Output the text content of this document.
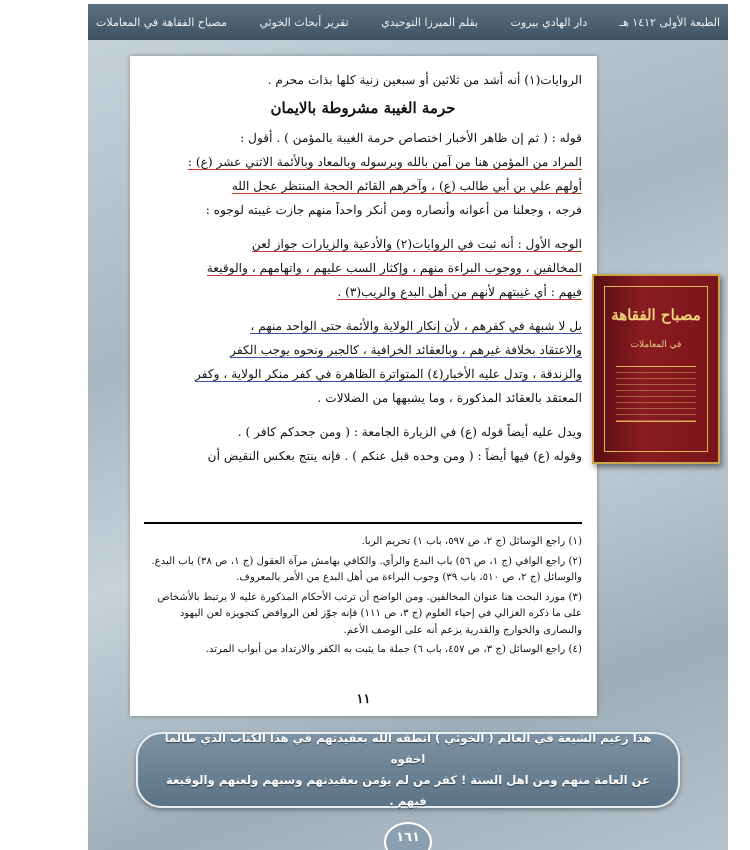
مصباح الفقاهة في المعاملات	تقرير أبحاث الخوئي	بقلم الميرزا التوحيدي	دار الهادي بيروت	الطبعة الأولى ١٤١٢ هـ

الروايات(١) أنه أشد من ثلاثين أو سبعين زنية كلها بذات محرم .

حرمة الغيبة مشروطة بالايمان

قوله : ( ثم إن ظاهر الأخبار اختصاص حرمة الغيبة بالمؤمن ) . أقول :

المراد من المؤمن هنا من آمن بالله وبرسوله وبالمعاد وبالأئمة الاثني عشر (ع) :

أولهم علي بن أبي طالب (ع) ، وآخرهم القائم الحجة المنتظر عجل الله

فرجه ، وجعلنا من أعوانه وأنصاره ومن أنكر واحداً منهم جازت غيبته لوجوه :

الوجه الأول : أنه ثبت في الروايات(٢) والأدعية والزيارات جواز لعن

المخالفين ، ووجوب البراءة منهم ، وإكثار السب عليهم ، واتهامهم ، والوقيعة

فيهم : أي غيبتهم لأنهم من أهل البدع والريب(٣) .

بل لا شبهة في كفرهم ، لأن إنكار الولاية والأئمة حتى الواحد منهم ،

والاعتقاد بخلافة غيرهم ، وبالعقائد الخرافية ، كالجبر ونحوه يوجب الكفر

والزندقة ، وتدل عليه الأخبار(٤) المتواترة الظاهرة في كفر منكر الولاية ، وكفر

المعتقد بالعقائد المذكورة ، وما يشبهها من الضلالات .

ويدل عليه أيضاً قوله (ع) في الزيارة الجامعة : ( ومن جحدكم كافر ) .

وقوله (ع) فيها أيضاً : ( ومن وحده قبل عنكم ) . فإنه ينتج بعكس النقيض أن

(١) راجع الوسائل (ج ٢، ص ٥٩٧، باب ١) تحريم الربا.

(٢) راجع الوافي (ج ١، ص ٥٦) باب البدع والرأي. والكافي بهامش مرآة العقول (ج ١، ص ٣٨) باب البدع. والوسائل (ج ٢، ص ٥١٠، باب ٣٩) وجوب البراءة من أهل البدع من الأمر بالمعروف.

(٣) مورد البحث هنا عنوان المخالفين. ومن الواضح أن ترتب الأحكام المذكورة عليه لا يرتبط بالأشخاص على ما ذكره الغزالي في إحياء العلوم (ج ٣، ص ١١١) فإنه جوّز لعن الروافض كتجويزه لعن اليهود والنصارى والخوارج والقدرية يزعم أنه على الوصف الأعم.

(٤) راجع الوسائل (ج ٣، ص ٤٥٧، باب ٦) جملة ما يثبت به الكفر والارتداد من أبواب المرتد.

١١
مصباح الفقاهة
في المعاملات

هذا زعيم الشيعة في العالم ( الخوئي ) انطقه الله بعقيدتهم في هذا الكتاب الذي طالما اخفوه

عن العامة منهم ومن اهل السنة ! كفر من لم يؤمن بعقيدتهم وسبهم ولعنهم والوقيعة فيهم .

١٦١
